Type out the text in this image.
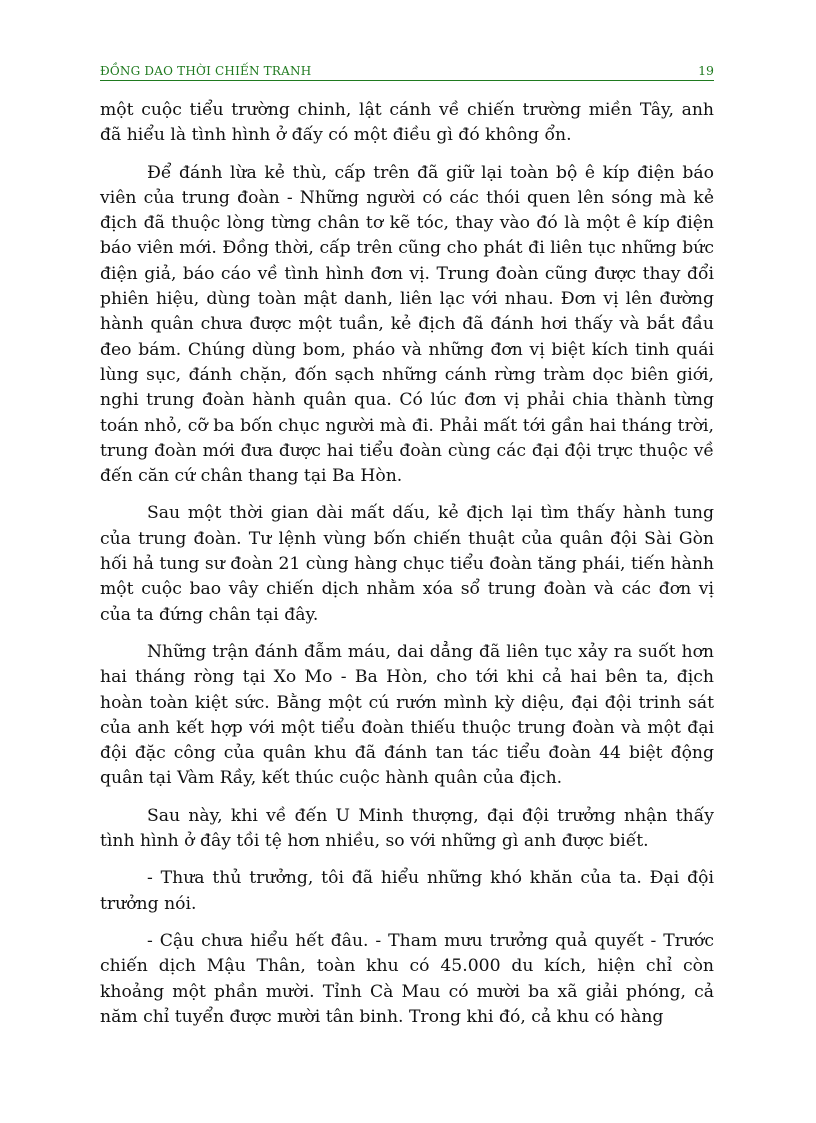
ĐỒNG DAO THỜI CHIẾN TRANH	19

một cuộc tiểu trường chinh, lật cánh về chiến trường miền Tây, anh đã hiểu là tình hình ở đấy có một điều gì đó không ổn.

Để đánh lừa kẻ thù, cấp trên đã giữ lại toàn bộ ê kíp điện báo viên của trung đoàn - Những người có các thói quen lên sóng mà kẻ địch đã thuộc lòng từng chân tơ kẽ tóc, thay vào đó là một ê kíp điện báo viên mới. Đồng thời, cấp trên cũng cho phát đi liên tục những bức điện giả, báo cáo về tình hình đơn vị. Trung đoàn cũng được thay đổi phiên hiệu, dùng toàn mật danh, liên lạc với nhau. Đơn vị lên đường hành quân chưa được một tuần, kẻ địch đã đánh hơi thấy và bắt đầu đeo bám. Chúng dùng bom, pháo và những đơn vị biệt kích tinh quái lùng sục, đánh chặn, đốn sạch những cánh rừng tràm dọc biên giới, nghi trung đoàn hành quân qua. Có lúc đơn vị phải chia thành từng toán nhỏ, cỡ ba bốn chục người mà đi. Phải mất tới gần hai tháng trời, trung đoàn mới đưa được hai tiểu đoàn cùng các đại đội trực thuộc về đến căn cứ chân thang tại Ba Hòn.

Sau một thời gian dài mất dấu, kẻ địch lại tìm thấy hành tung của trung đoàn. Tư lệnh vùng bốn chiến thuật của quân đội Sài Gòn hối hả tung sư đoàn 21 cùng hàng chục tiểu đoàn tăng phái, tiến hành một cuộc bao vây chiến dịch nhằm xóa sổ trung đoàn và các đơn vị của ta đứng chân tại đây.

Những trận đánh đẫm máu, dai dẳng đã liên tục xảy ra suốt hơn hai tháng ròng tại Xo Mo - Ba Hòn, cho tới khi cả hai bên ta, địch hoàn toàn kiệt sức. Bằng một cú rướn mình kỳ diệu, đại đội trinh sát của anh kết hợp với một tiểu đoàn thiếu thuộc trung đoàn và một đại đội đặc công của quân khu đã đánh tan tác tiểu đoàn 44 biệt động quân tại Vàm Rầy, kết thúc cuộc hành quân của địch.

Sau này, khi về đến U Minh thượng, đại đội trưởng nhận thấy tình hình ở đây tồi tệ hơn nhiều, so với những gì anh được biết.

- Thưa thủ trưởng, tôi đã hiểu những khó khăn của ta. Đại đội trưởng nói.

- Cậu chưa hiểu hết đâu. - Tham mưu trưởng quả quyết - Trước chiến dịch Mậu Thân, toàn khu có 45.000 du kích, hiện chỉ còn khoảng một phần mười. Tỉnh Cà Mau có mười ba xã giải phóng, cả năm chỉ tuyển được mười tân binh. Trong khi đó, cả khu có hàng
